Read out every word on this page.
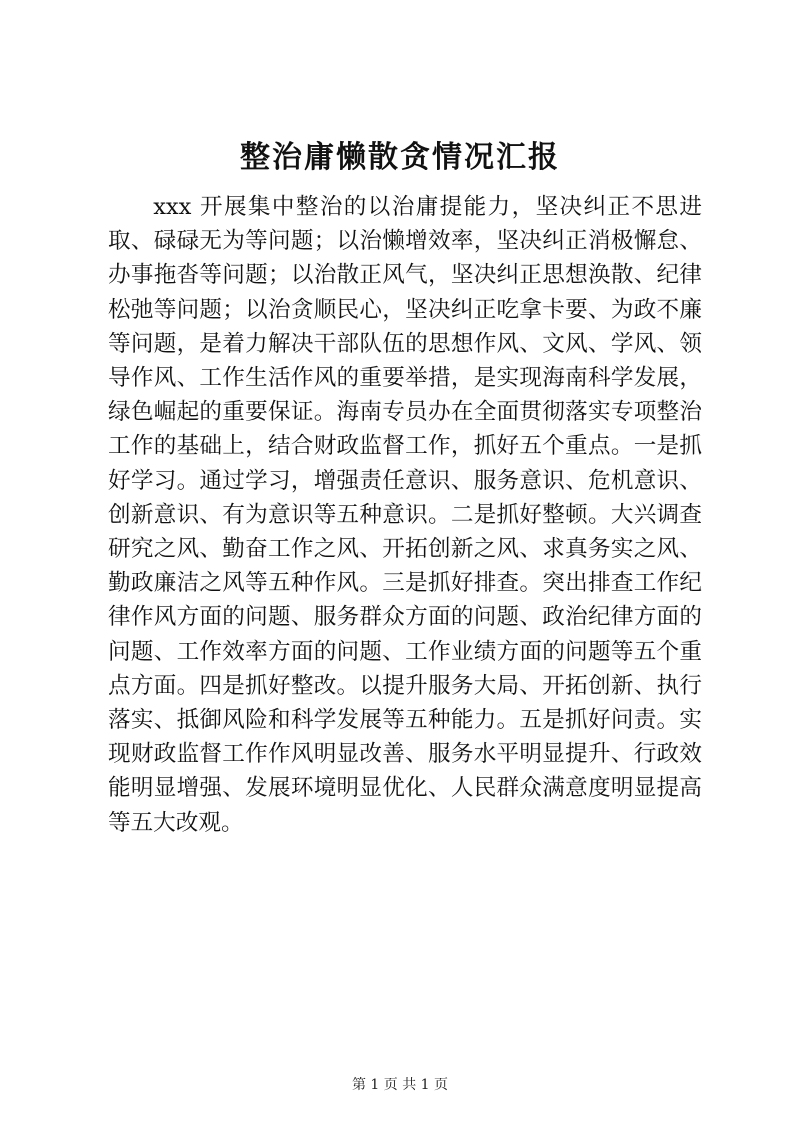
整治庸懒散贪情况汇报

xxx 开展集中整治的以治庸提能力，坚决纠正不思进取、碌碌无为等问题；以治懒增效率，坚决纠正消极懈怠、办事拖沓等问题；以治散正风气，坚决纠正思想涣散、纪律松弛等问题；以治贪顺民心，坚决纠正吃拿卡要、为政不廉等问题，是着力解决干部队伍的思想作风、文风、学风、领导作风、工作生活作风的重要举措，是实现海南科学发展，绿色崛起的重要保证。海南专员办在全面贯彻落实专项整治工作的基础上，结合财政监督工作，抓好五个重点。一是抓好学习。通过学习，增强责任意识、服务意识、危机意识、创新意识、有为意识等五种意识。二是抓好整顿。大兴调查研究之风、勤奋工作之风、开拓创新之风、求真务实之风、勤政廉洁之风等五种作风。三是抓好排查。突出排查工作纪律作风方面的问题、服务群众方面的问题、政治纪律方面的问题、工作效率方面的问题、工作业绩方面的问题等五个重点方面。四是抓好整改。以提升服务大局、开拓创新、执行落实、抵御风险和科学发展等五种能力。五是抓好问责。实现财政监督工作作风明显改善、服务水平明显提升、行政效能明显增强、发展环境明显优化、人民群众满意度明显提高等五大改观。

第 1 页 共 1 页
